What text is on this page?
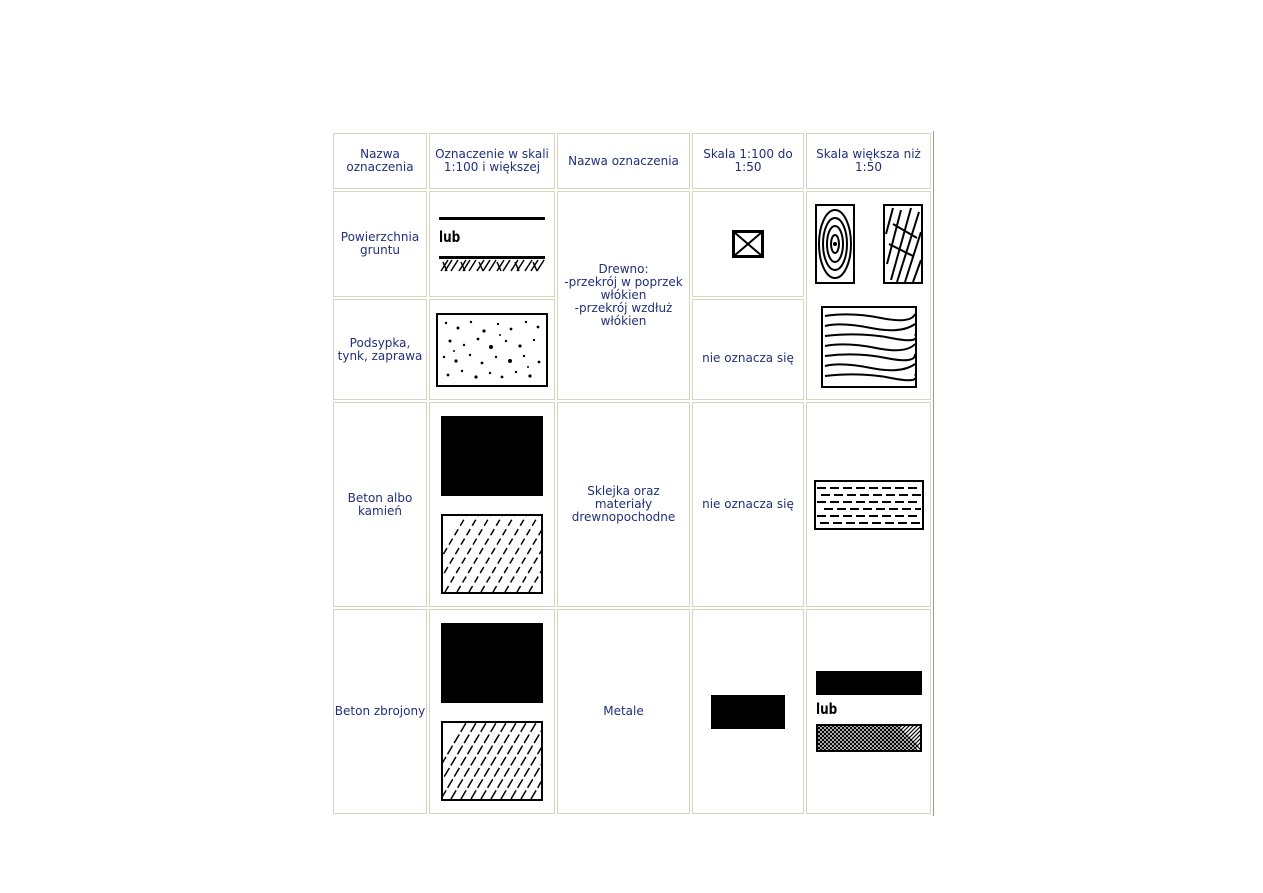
Nazwa oznaczenia	Oznaczenie w skali 1:100 i większej	Nazwa oznaczenia	Skala 1:100 do 1:50	Skala większa niż 1:50
Powierzchnia gruntu	lub	Drewno:
-przekrój w poprzek włókien
-przekrój wzdłuż włókien

Podsypka, tynk, zaprawa			nie oznacza się	
Beton albo kamień		Sklejka oraz materiały drewnopochodne	nie oznacza się	

Beton zbrojony		Metale		lub
